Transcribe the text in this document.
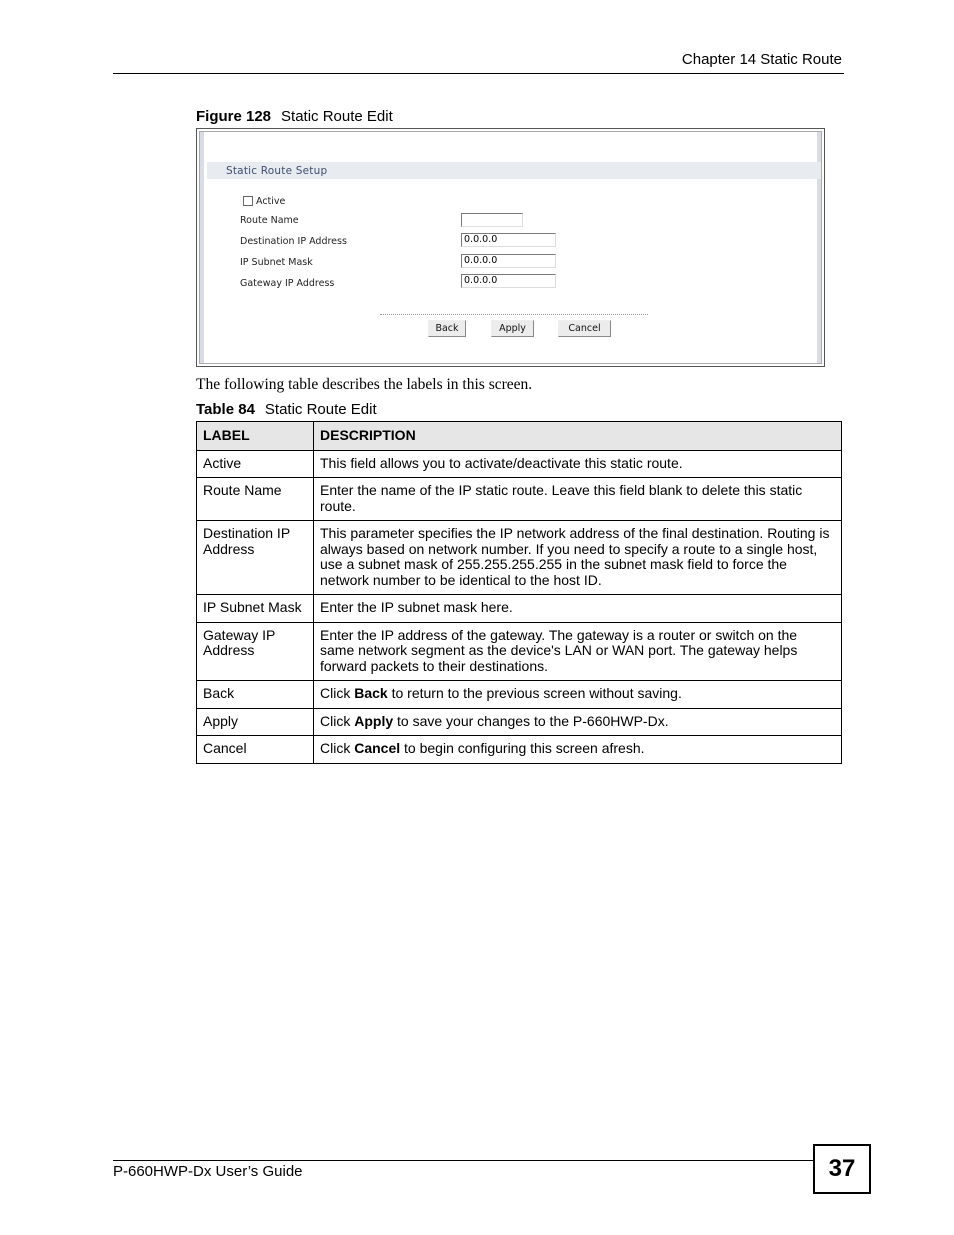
Chapter 14 Static Route
Figure 128 Static Route Edit
Static Route Setup
Active
Route Name
Destination IP Address	0.0.0.0
IP Subnet Mask	0.0.0.0
Gateway IP Address	0.0.0.0
Back	Apply	Cancel
The following table describes the labels in this screen.
Table 84 Static Route Edit
LABEL	DESCRIPTION
Active	This field allows you to activate/deactivate this static route.
Route Name	Enter the name of the IP static route. Leave this field blank to delete this static route.
Destination IP Address	This parameter specifies the IP network address of the final destination. Routing is always based on network number. If you need to specify a route to a single host, use a subnet mask of 255.255.255.255 in the subnet mask field to force the network number to be identical to the host ID.
IP Subnet Mask	Enter the IP subnet mask here.
Gateway IP Address	Enter the IP address of the gateway. The gateway is a router or switch on the same network segment as the device's LAN or WAN port. The gateway helps forward packets to their destinations.
Back	Click Back to return to the previous screen without saving.
Apply	Click Apply to save your changes to the P-660HWP-Dx.
Cancel	Click Cancel to begin configuring this screen afresh.
P-660HWP-Dx User’s Guide	37
